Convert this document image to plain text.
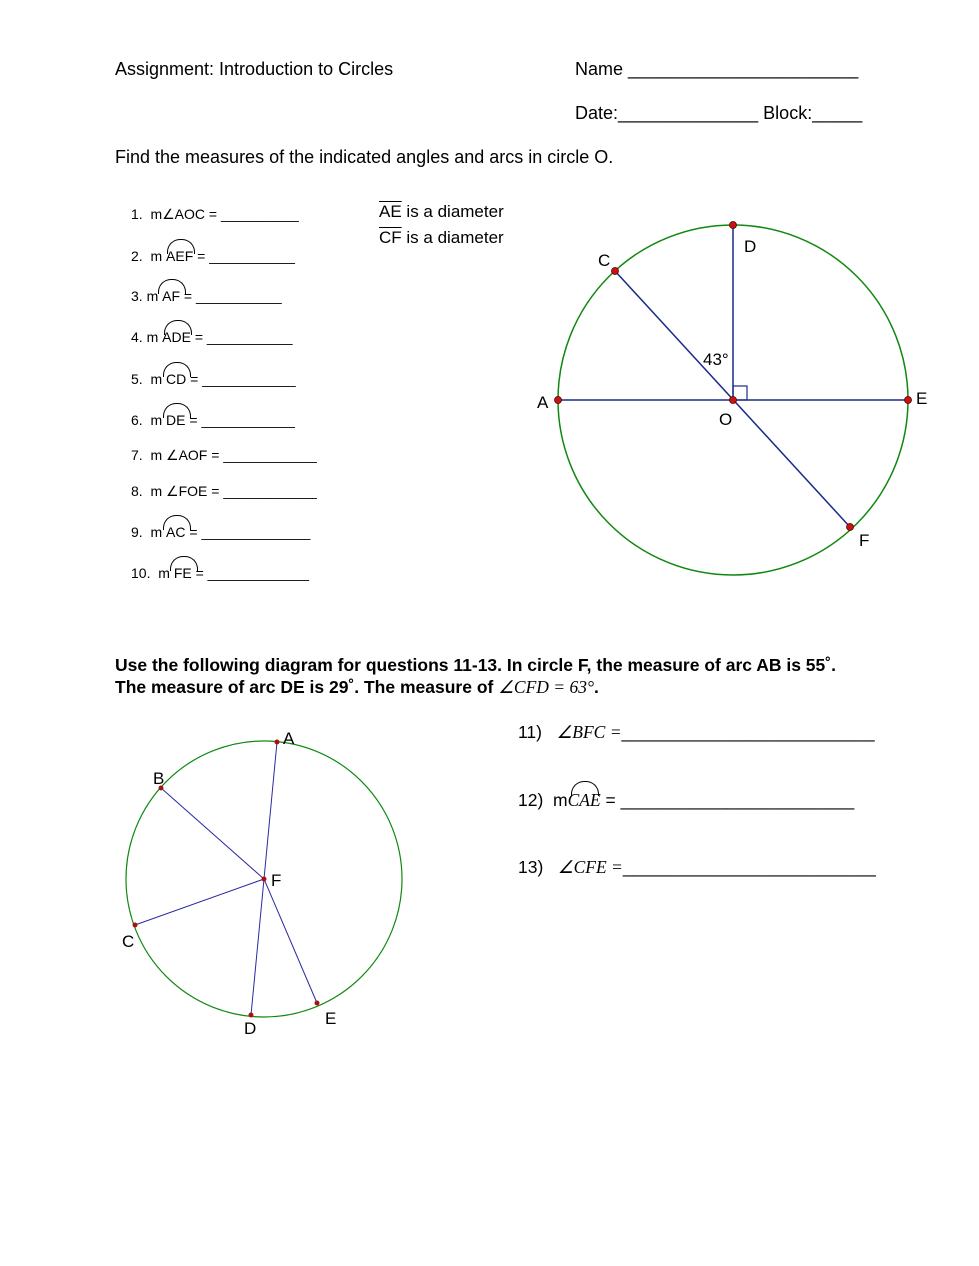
Assignment: Introduction to Circles	Name _______________________
Date:______________ Block:_____
Find the measures of the indicated angles and arcs in circle O.
$\overline{AE}$ is a diameter
$\overline{CF}$ is a diameter
1. m∠AOC = __________
2. m AEF = ___________
3. m AF = ___________
4. m ADE = ___________
5. m CD = ____________
6. m DE = ____________
7. m ∠AOF = ____________
8. m ∠FOE = ____________
9. m AC = ______________
10. m FE = _____________
A	E
D
C
F
O
43°
Use the following diagram for questions 11-13. In circle F, the measure of arc AB is 55˚.
The measure of arc DE is 29˚. The measure of ∠CFD = 63°.
11) ∠BFC =__________________________
12) mCAE = ________________________
13) ∠CFE =__________________________
A
B
C
D
E
F
